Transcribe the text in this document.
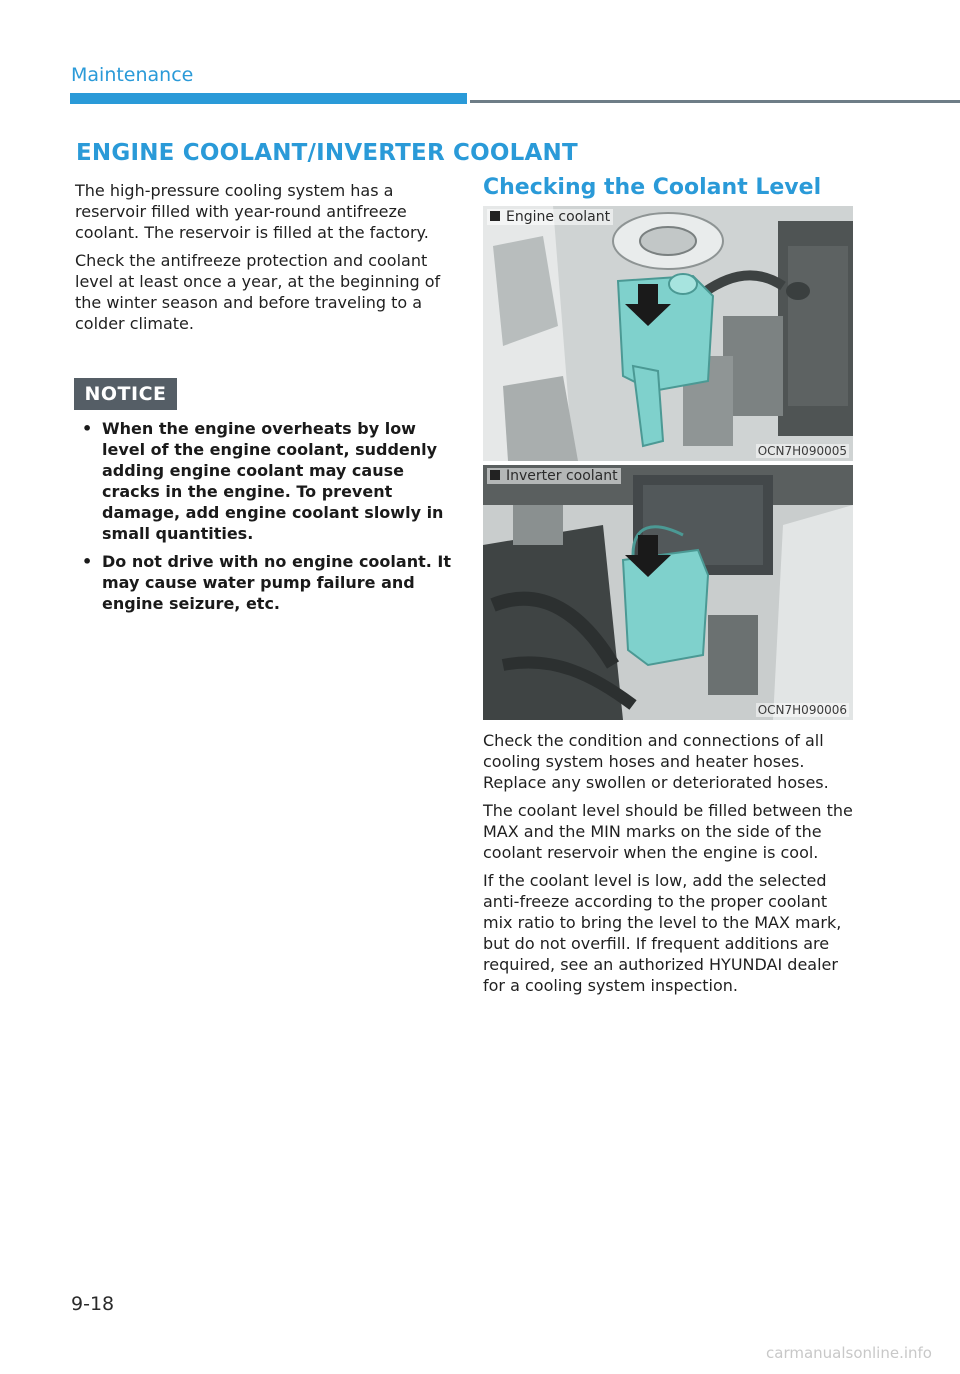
Maintenance
ENGINE COOLANT/INVERTER COOLANT

The high-pressure cooling system has a reservoir filled with year-round antifreeze coolant. The reservoir is filled at the factory.

Check the antifreeze protection and coolant level at least once a year, at the beginning of the winter season and before traveling to a colder climate.

NOTICE
• When the engine overheats by low level of the engine coolant, suddenly adding engine coolant may cause cracks in the engine. To prevent damage, add engine coolant slowly in small quantities.
• Do not drive with no engine coolant. It may cause water pump failure and engine seizure, etc.
Checking the Coolant Level
Engine coolant
OCN7H090005
Inverter coolant
OCN7H090006

Check the condition and connections of all cooling system hoses and heater hoses. Replace any swollen or deteriorated hoses.

The coolant level should be filled between the MAX and the MIN marks on the side of the coolant reservoir when the engine is cool.

If the coolant level is low, add the selected anti-freeze according to the proper coolant mix ratio to bring the level to the MAX mark, but do not overfill. If frequent additions are required, see an authorized HYUNDAI dealer for a cooling system inspection.

9-18
carmanualsonline.info
